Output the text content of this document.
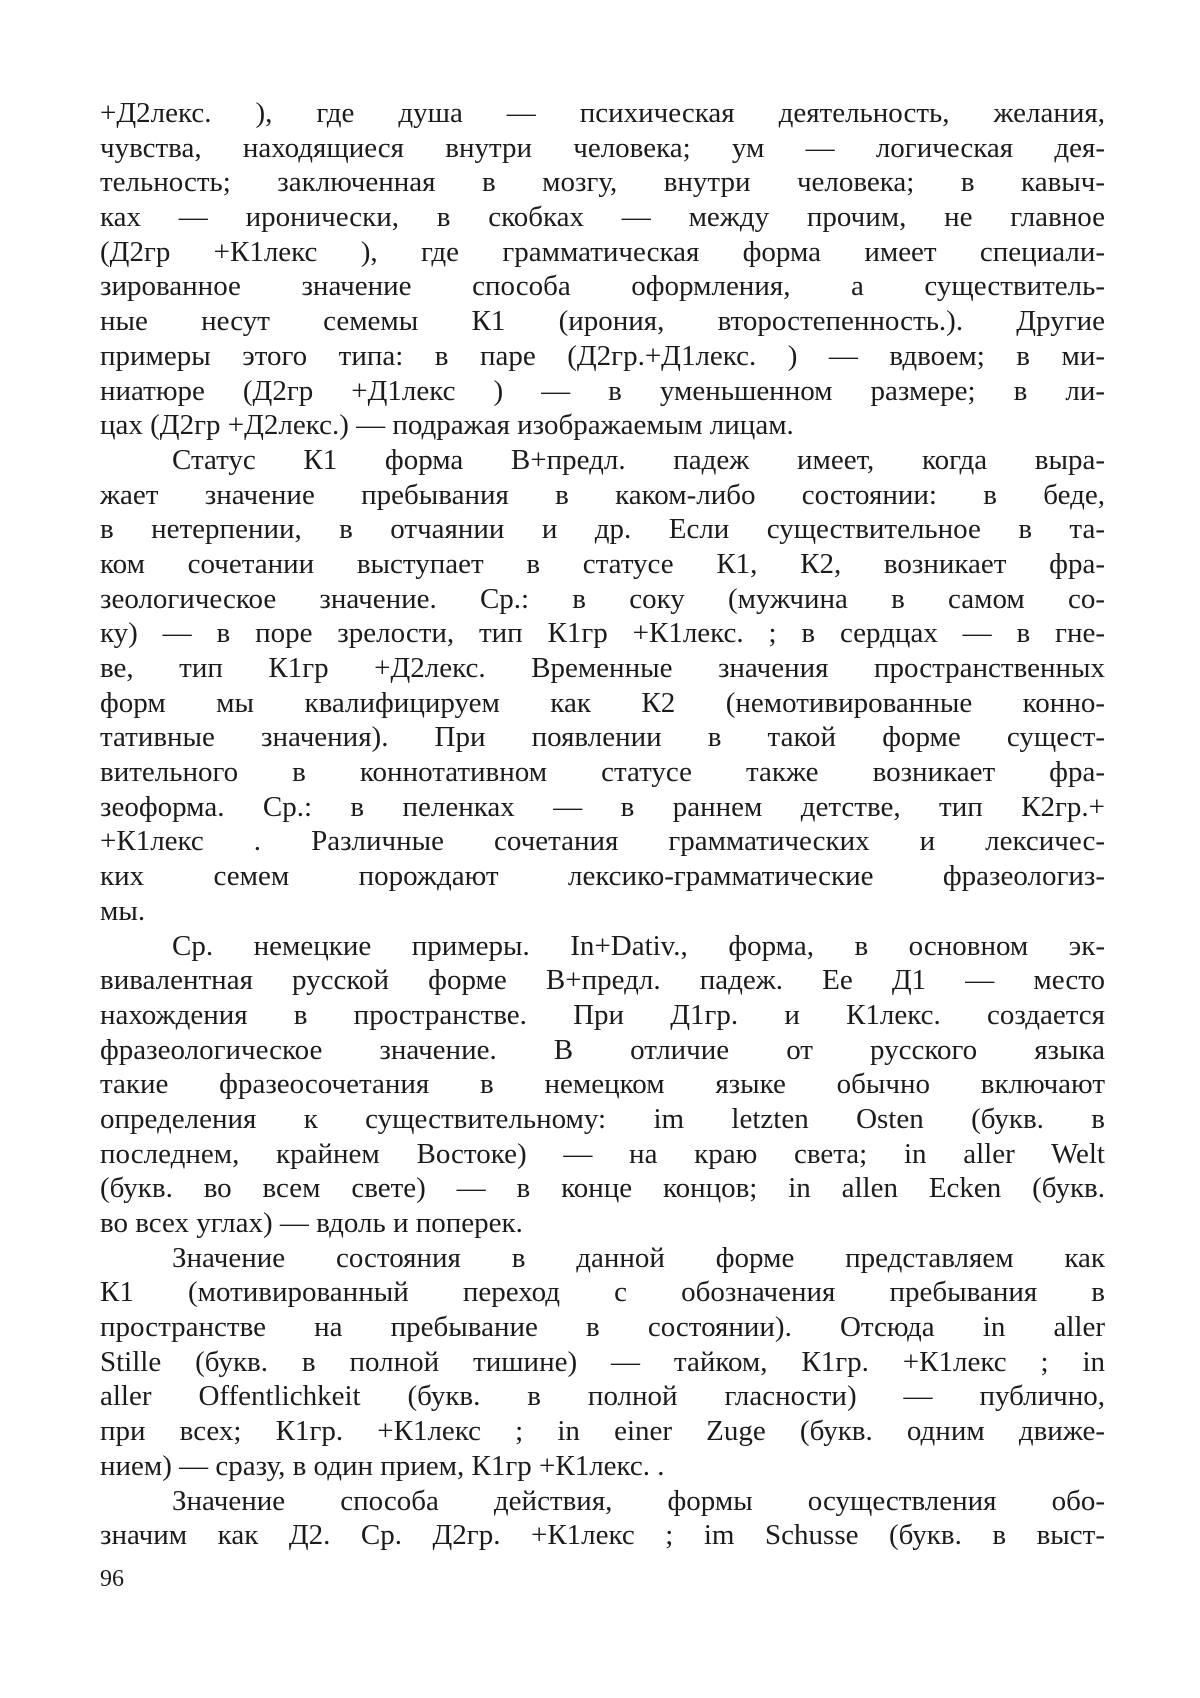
+Д2лекс. ), где душа — психическая деятельность, желания,
чувства, находящиеся внутри человека; ум — логическая дея-
тельность; заключенная в мозгу, внутри человека; в кавыч-
ках — иронически, в скобках — между прочим, не главное
(Д2гр +К1лекс ), где грамматическая форма имеет специали-
зированное значение способа оформления, а существитель-
ные несут семемы К1 (ирония, второстепенность.). Другие
примеры этого типа: в паре (Д2гр.+Д1лекс. ) — вдвоем; в ми-
ниатюре (Д2гр +Д1лекс ) — в уменьшенном размере; в ли-
цах (Д2гр +Д2лекс.) — подражая изображаемым лицам.
Статус К1 форма В+предл. падеж имеет, когда выра-
жает значение пребывания в каком-либо состоянии: в беде,
в нетерпении, в отчаянии и др. Если существительное в та-
ком сочетании выступает в статусе К1, К2, возникает фра-
зеологическое значение. Ср.: в соку (мужчина в самом со-
ку) — в поре зрелости, тип К1гр +К1лекс. ; в сердцах — в гне-
ве, тип К1гр +Д2лекс. Временные значения пространственных
форм мы квалифицируем как К2 (немотивированные конно-
тативные значения). При появлении в такой форме сущест-
вительного в коннотативном статусе также возникает фра-
зеоформа. Ср.: в пеленках — в раннем детстве, тип К2гр.+
+К1лекс . Различные сочетания грамматических и лексичес-
ких семем порождают лексико-грамматические фразеологиз-
мы.
Ср. немецкие примеры. In+Dativ., форма, в основном эк-
вивалентная русской форме В+предл. падеж. Ее Д1 — место
нахождения в пространстве. При Д1гр. и К1лекс. создается
фразеологическое значение. В отличие от русского языка
такие фразеосочетания в немецком языке обычно включают
определения к существительному: im letzten Osten (букв. в
последнем, крайнем Востоке) — на краю света; in aller Welt
(букв. во всем свете) — в конце концов; in allen Ecken (букв.
во всех углах) — вдоль и поперек.
Значение состояния в данной форме представляем как
К1 (мотивированный переход с обозначения пребывания в
пространстве на пребывание в состоянии). Отсюда in aller
Stille (букв. в полной тишине) — тайком, К1гр. +К1лекс ; in
aller Offentlichkeit (букв. в полной гласности) — публично,
при всех; К1гр. +К1лекс ; in einer Zuge (букв. одним движе-
нием) — сразу, в один прием, К1гр +К1лекс. .
Значение способа действия, формы осуществления обо-
значим как Д2. Ср. Д2гр. +К1лекс ; im Schusse (букв. в выст-
96
